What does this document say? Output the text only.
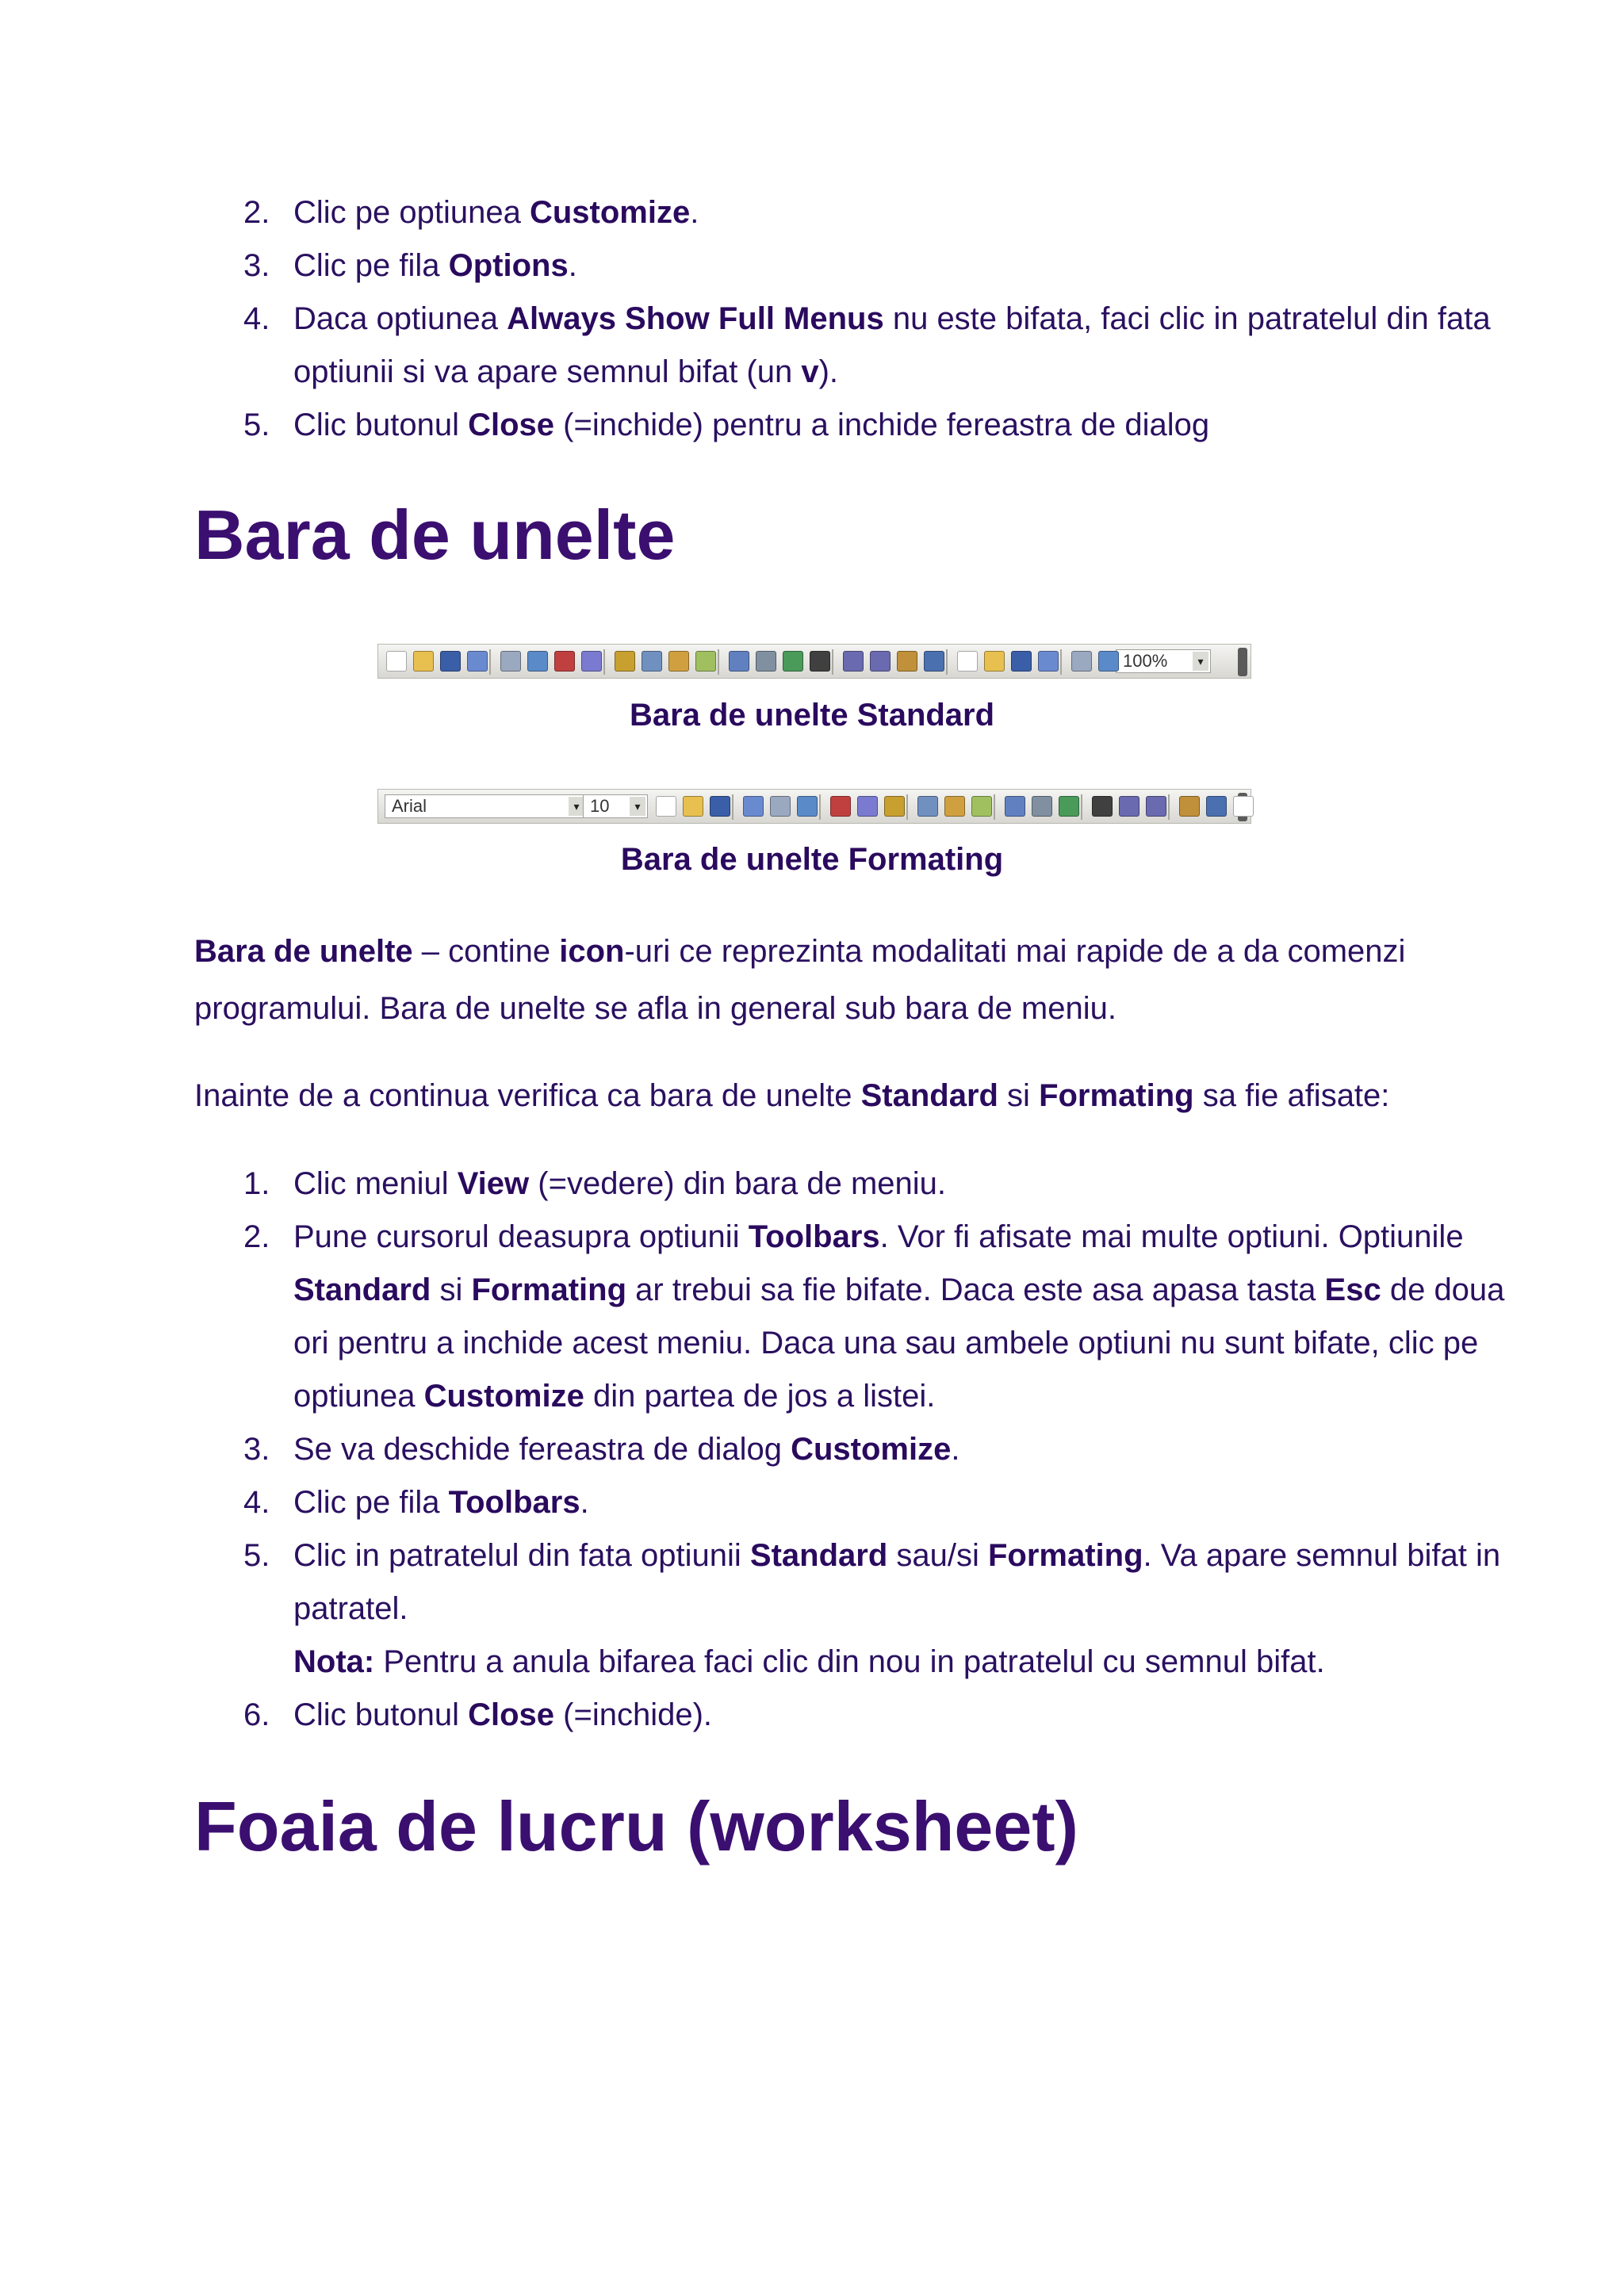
2. Clic pe optiunea Customize.
3. Clic pe fila Options.
4. Daca optiunea Always Show Full Menus nu este bifata, faci clic in patratelul din fata optiunii si va apare semnul bifat (un v).
5. Clic butonul Close (=inchide) pentru a inchide fereastra de dialog
Bara de unelte
100%	▾

Bara de unelte Standard

Arial	▾ 10	▾

Bara de unelte Formating

Bara de unelte – contine icon-uri ce reprezinta modalitati mai rapide de a da comenzi programului. Bara de unelte se afla in general sub bara de meniu.

Inainte de a continua verifica ca bara de unelte Standard si Formating sa fie afisate:

1. Clic meniul View (=vedere) din bara de meniu.
2. Pune cursorul deasupra optiunii Toolbars. Vor fi afisate mai multe optiuni. Optiunile Standard si Formating ar trebui sa fie bifate. Daca este asa apasa tasta Esc de doua ori pentru a inchide acest meniu. Daca una sau ambele optiuni nu sunt bifate, clic pe optiunea Customize din partea de jos a listei.
3. Se va deschide fereastra de dialog Customize.
4. Clic pe fila Toolbars.
5. Clic in patratelul din fata optiunii Standard sau/si Formating. Va apare semnul bifat in patratel.
Nota: Pentru a anula bifarea faci clic din nou in patratelul cu semnul bifat.
6. Clic butonul Close (=inchide).
Foaia de lucru (worksheet)
